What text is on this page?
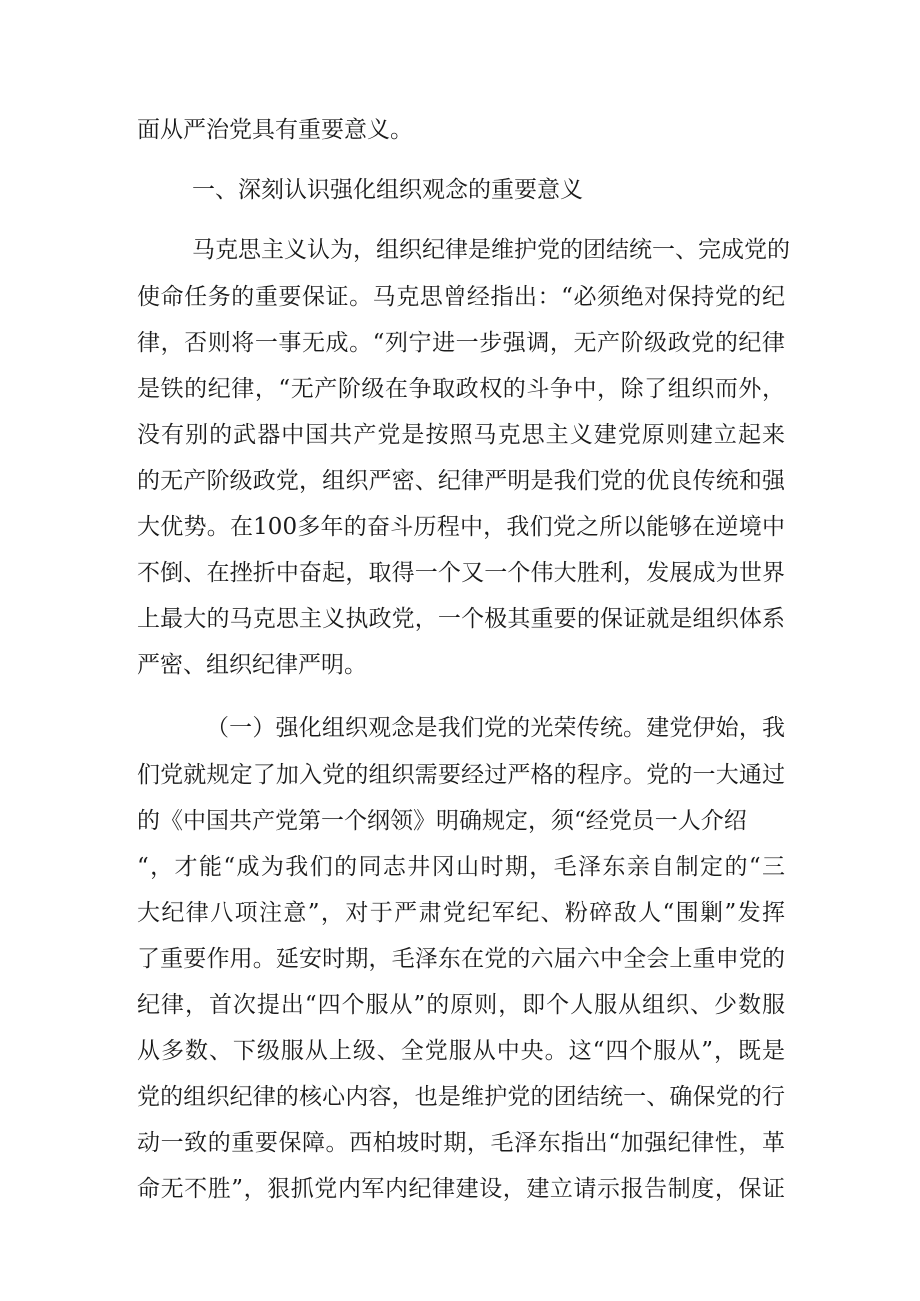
面从严治党具有重要意义。
一、深刻认识强化组织观念的重要意义
马克思主义认为，组织纪律是维护党的团结统一、完成党的
使命任务的重要保证。马克思曾经指出：“必须绝对保持党的纪
律，否则将一事无成。“列宁进一步强调，无产阶级政党的纪律
是铁的纪律，“无产阶级在争取政权的斗争中，除了组织而外，
没有别的武器中国共产党是按照马克思主义建党原则建立起来
的无产阶级政党，组织严密、纪律严明是我们党的优良传统和强
大优势。在100多年的奋斗历程中，我们党之所以能够在逆境中
不倒、在挫折中奋起，取得一个又一个伟大胜利，发展成为世界
上最大的马克思主义执政党，一个极其重要的保证就是组织体系
严密、组织纪律严明。
（一）强化组织观念是我们党的光荣传统。建党伊始，我
们党就规定了加入党的组织需要经过严格的程序。党的一大通过
的《中国共产党第一个纲领》明确规定，须“经党员一人介绍
“，才能“成为我们的同志井冈山时期，毛泽东亲自制定的“三
大纪律八项注意”，对于严肃党纪军纪、粉碎敌人“围剿”发挥
了重要作用。延安时期，毛泽东在党的六届六中全会上重申党的
纪律，首次提出“四个服从”的原则，即个人服从组织、少数服
从多数、下级服从上级、全党服从中央。这“四个服从”，既是
党的组织纪律的核心内容，也是维护党的团结统一、确保党的行
动一致的重要保障。西柏坡时期，毛泽东指出“加强纪律性，革
命无不胜”，狠抓党内军内纪律建设，建立请示报告制度，保证
